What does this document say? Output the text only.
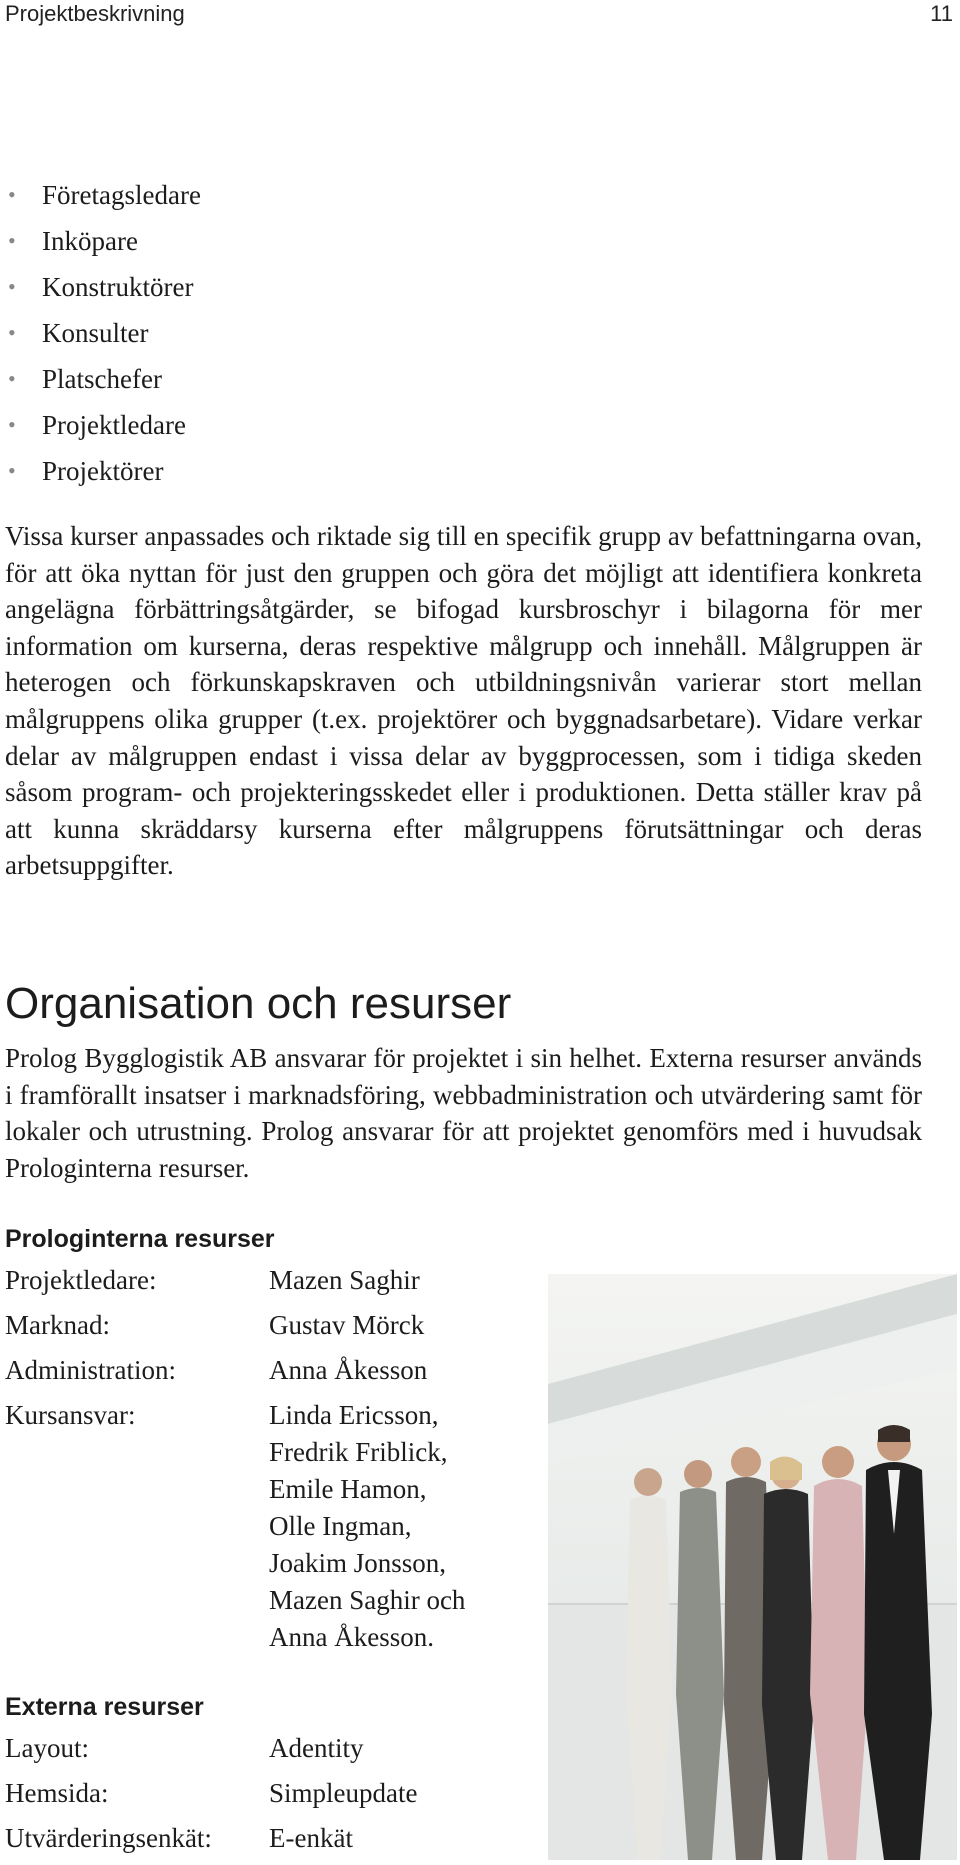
Projektbeskrivning	11
• Företagsledare
• Inköpare
• Konstruktörer
• Konsulter
• Platschefer
• Projektledare
• Projektörer

Vissa kurser anpassades och riktade sig till en specifik grupp av befattningarna ovan, för att öka nyttan för just den gruppen och göra det möjligt att identifiera konkreta angelägna förbättringsåtgärder, se bifogad kursbroschyr i bilagorna för mer information om kurserna, deras respektive målgrupp och innehåll. Målgruppen är heterogen och förkunskapskraven och utbildningsnivån varierar stort mellan målgruppens olika grupper (t.ex. projektörer och byggnadsarbetare). Vidare verkar delar av målgruppen endast i vissa delar av byggprocessen, som i tidiga skeden såsom program- och projekteringsskedet eller i produktionen. Detta ställer krav på att kunna skräddarsy kurserna efter målgruppens förutsättningar och deras arbetsuppgifter.

Organisation och resurser

Prolog Bygglogistik AB ansvarar för projektet i sin helhet. Externa resurser används i framförallt insatser i marknadsföring, webbadministration och utvärdering samt för lokaler och utrustning. Prolog ansvarar för att projektet genomförs med i huvudsak Prologinterna resurser.

Prologinterna resurser
Projektledare:	Mazen Saghir
Marknad:	Gustav Mörck
Administration:	Anna Åkesson
Kursansvar:	Linda Ericsson,
Fredrik Friblick,
Emile Hamon,
Olle Ingman,
Joakim Jonsson,
Mazen Saghir och
Anna Åkesson.
Externa resurser
Layout:	Adentity
Hemsida:	Simpleupdate
Utvärderingsenkät: E-enkät
